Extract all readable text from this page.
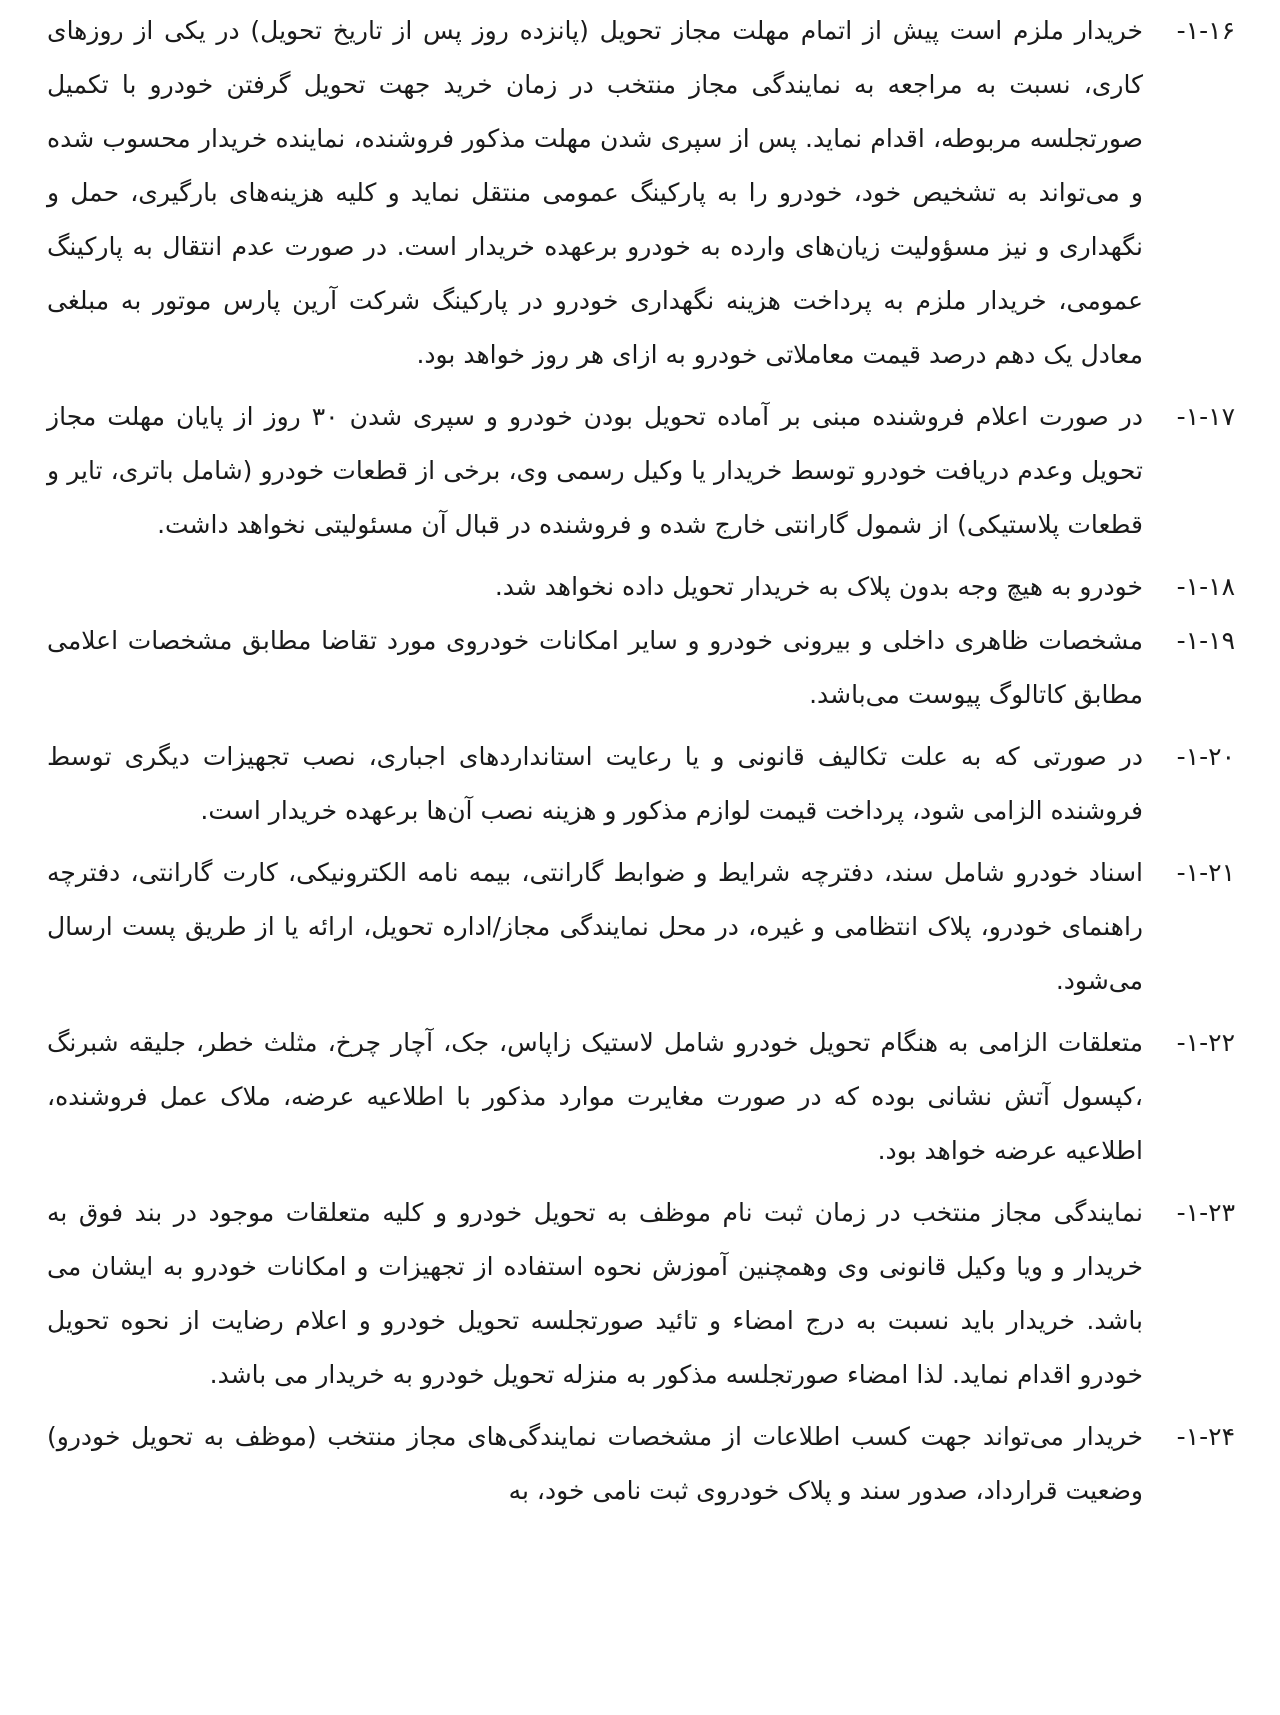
۱-۱۶-
خریدار ملزم است پیش از اتمام مهلت مجاز تحویل (پانزده روز پس از تاریخ تحویل) در یکی از روزهای کاری، نسبت به مراجعه به نمایندگی مجاز منتخب در زمان خرید جهت تحویل گرفتن خودرو با تکمیل صورتجلسه مربوطه، اقدام نماید. پس از سپری شدن مهلت مذکور فروشنده، نماینده خریدار محسوب شده و می‌تواند به تشخیص خود، خودرو را به پارکینگ عمومی منتقل نماید و کلیه هزینه‌های بارگیری، حمل و نگهداری و نیز مسؤولیت زیان‌های وارده به خودرو برعهده خریدار است. در صورت عدم انتقال به پارکینگ عمومی، خریدار ملزم به پرداخت هزینه نگهداری خودرو در پارکینگ شرکت آرین پارس موتور به مبلغی معادل یک دهم درصد قیمت معاملاتی خودرو به ازای هر روز خواهد بود.
۱-۱۷-
در صورت اعلام فروشنده مبنی بر آماده تحویل بودن خودرو و سپری شدن ۳۰ روز از پایان مهلت مجاز تحویل وعدم دریافت خودرو توسط خریدار یا وکیل رسمی وی، برخی از قطعات خودرو (شامل باتری، تایر و قطعات پلاستیکی) از شمول گارانتی خارج شده و فروشنده در قبال آن مسئولیتی نخواهد داشت.
۱-۱۸-
خودرو به هیچ وجه بدون پلاک به خریدار تحویل داده نخواهد شد.
۱-۱۹-
مشخصات ظاهری داخلی و بیرونی خودرو و سایر امکانات خودروی مورد تقاضا مطابق مشخصات اعلامی مطابق کاتالوگ پیوست می‌باشد.
۱-۲۰-
در صورتی که به علت تکالیف قانونی و یا رعایت استانداردهای اجباری، نصب تجهیزات دیگری توسط فروشنده الزامی شود، پرداخت قیمت لوازم مذکور و هزینه نصب آن‌ها برعهده خریدار است.
۱-۲۱-
اسناد خودرو شامل سند، دفترچه شرایط و ضوابط گارانتی، بیمه نامه الکترونیکی، کارت گارانتی، دفترچه راهنمای خودرو، پلاک انتظامی و غیره، در محل نمایندگی مجاز/اداره تحویل، ارائه یا از طریق پست ارسال می‌شود.
۱-۲۲-
متعلقات الزامی به هنگام تحویل خودرو شامل لاستیک زاپاس، جک، آچار چرخ، مثلث خطر، جلیقه شبرنگ ،کپسول آتش نشانی بوده که در صورت مغایرت موارد مذکور با اطلاعیه عرضه، ملاک عمل فروشنده، اطلاعیه عرضه خواهد بود.
۱-۲۳-
نمایندگی مجاز منتخب در زمان ثبت نام موظف به تحویل خودرو و کلیه متعلقات موجود در بند فوق به خریدار و ویا وکیل قانونی وی وهمچنین آموزش نحوه استفاده از تجهیزات و امکانات خودرو به ایشان می باشد. خریدار باید نسبت به درج امضاء و تائید صورتجلسه تحویل خودرو و اعلام رضایت از نحوه تحویل خودرو اقدام نماید. لذا امضاء صورتجلسه مذکور به منزله تحویل خودرو به خریدار می باشد.
۱-۲۴-
خریدار می‌تواند جهت کسب اطلاعات از مشخصات نمایندگی‌های مجاز منتخب (موظف به تحویل خودرو) وضعیت قرارداد، صدور سند و پلاک خودروی ثبت نامی خود، به
